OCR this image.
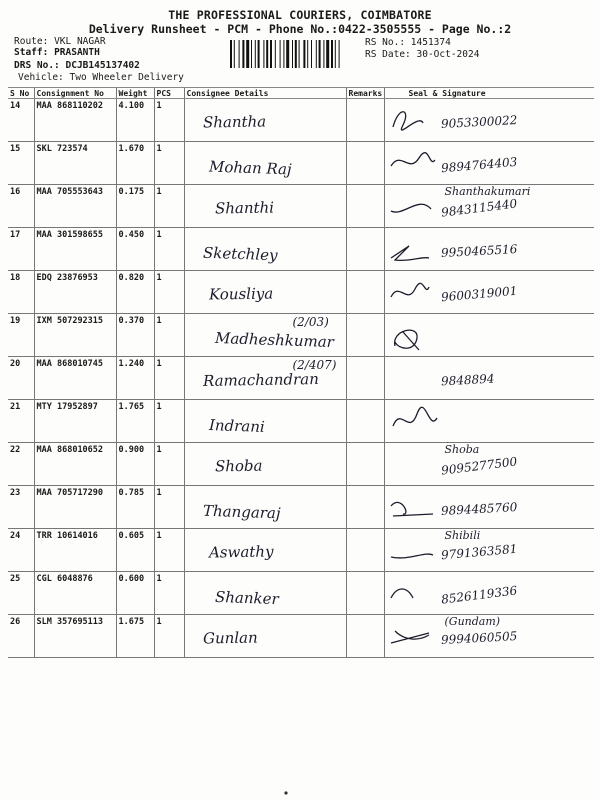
THE PROFESSIONAL COURIERS, COIMBATORE
Delivery Runsheet - PCM - Phone No.:0422-3505555 - Page No.:2
Route: VKL NAGAR
Staff: PRASANTH
DRS No.: DCJB145137402
Vehicle: Two Wheeler Delivery
RS No.: 1451374
RS Date: 30-Oct-2024
S No	Consignment No	Weight	PCS	Consignee Details	Remarks	Seal & Signature
14	MAA 868110202	4.100	1	Shantha		9053300022

15	SKL 723574	1.670	1	Mohan Raj		9894764403

16	MAA 705553643	0.175	1	Shanthi		Shanthakumari
9843115440

17	MAA 301598655	0.450	1	Sketchley		9950465516

18	EDQ 23876953	0.820	1	Kousliya		9600319001

19	IXM 507292315	0.370	1	Madheshkumar
(2/03)

20	MAA 868010745	1.240	1	Ramachandran
(2/407)		9848894

21	MTY 17952897	1.765	1	Indrani

22	MAA 868010652	0.900	1	Shoba		Shoba
9095277500

23	MAA 705717290	0.785	1	Thangaraj		9894485760

24	TRR 10614016	0.605	1	Aswathy		Shibili
9791363581

25	CGL 6048876	0.600	1	Shanker		8526119336

26	SLM 357695113	1.675	1	Gunlan		(Gundam)
9994060505
